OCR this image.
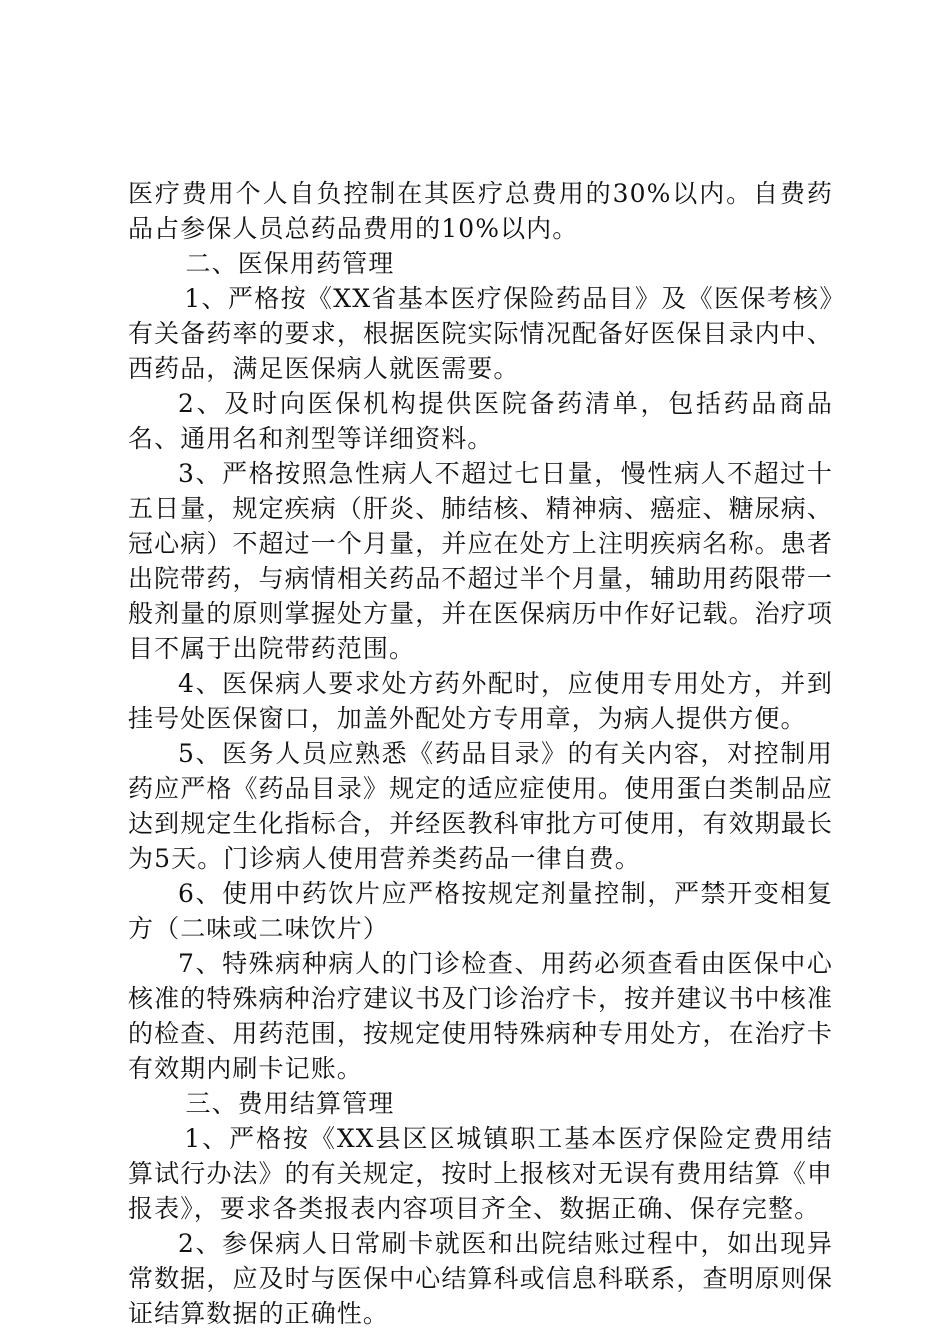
医疗费用个人自负控制在其医疗总费用的30%以内。自费药品占参保人员总药品费用的10%以内。

二、医保用药管理

1、严格按《XX省基本医疗保险药品目》及《医保考核》有关备药率的要求，根据医院实际情况配备好医保目录内中、西药品，满足医保病人就医需要。

2、及时向医保机构提供医院备药清单，包括药品商品名、通用名和剂型等详细资料。

3、严格按照急性病人不超过七日量，慢性病人不超过十五日量，规定疾病（肝炎、肺结核、精神病、癌症、糖尿病、冠心病）不超过一个月量，并应在处方上注明疾病名称。患者出院带药，与病情相关药品不超过半个月量，辅助用药限带一般剂量的原则掌握处方量，并在医保病历中作好记载。治疗项目不属于出院带药范围。

4、医保病人要求处方药外配时，应使用专用处方，并到挂号处医保窗口，加盖外配处方专用章，为病人提供方便。

5、医务人员应熟悉《药品目录》的有关内容，对控制用药应严格《药品目录》规定的适应症使用。使用蛋白类制品应达到规定生化指标合，并经医教科审批方可使用，有效期最长为5天。门诊病人使用营养类药品一律自费。

6、使用中药饮片应严格按规定剂量控制，严禁开变相复方（二味或二味饮片）

7、特殊病种病人的门诊检查、用药必须查看由医保中心核准的特殊病种治疗建议书及门诊治疗卡，按并建议书中核准的检查、用药范围，按规定使用特殊病种专用处方，在治疗卡有效期内刷卡记账。

三、费用结算管理

1、严格按《XX县区区城镇职工基本医疗保险定费用结算试行办法》的有关规定，按时上报核对无误有费用结算《申报表》，要求各类报表内容项目齐全、数据正确、保存完整。

2、参保病人日常刷卡就医和出院结账过程中，如出现异常数据，应及时与医保中心结算科或信息科联系，查明原则保证结算数据的正确性。
